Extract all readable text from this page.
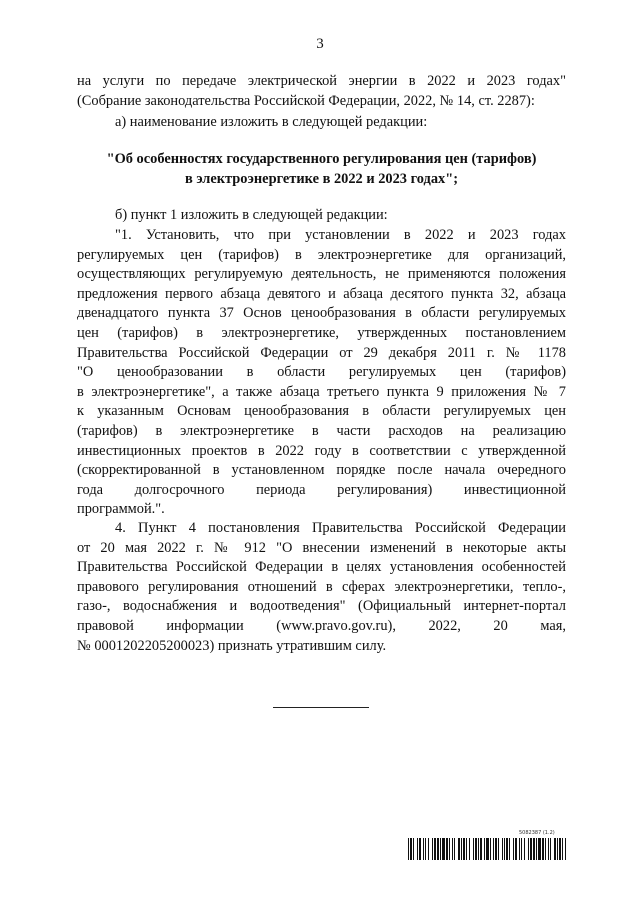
3
на услуги по передаче электрической энергии в 2022 и 2023 годах"
(Собрание законодательства Российской Федерации, 2022, № 14, ст. 2287):
а) наименование изложить в следующей редакции:
"Об особенностях государственного регулирования цен (тарифов)
в электроэнергетике в 2022 и 2023 годах";
б) пункт 1 изложить в следующей редакции:
"1. Установить, что при установлении в 2022 и 2023 годах
регулируемых цен (тарифов) в электроэнергетике для организаций,
осуществляющих регулируемую деятельность, не применяются положения
предложения первого абзаца девятого и абзаца десятого пункта 32, абзаца
двенадцатого пункта 37 Основ ценообразования в области регулируемых
цен (тарифов) в электроэнергетике, утвержденных постановлением
Правительства Российской Федерации от 29 декабря 2011 г. № 1178
"О ценообразовании в области регулируемых цен (тарифов)
в электроэнергетике", а также абзаца третьего пункта 9 приложения № 7
к указанным Основам ценообразования в области регулируемых цен
(тарифов) в электроэнергетике в части расходов на реализацию
инвестиционных проектов в 2022 году в соответствии с утвержденной
(скорректированной в установленном порядке после начала очередного
года долгосрочного периода регулирования) инвестиционной
программой.".
4. Пункт 4 постановления Правительства Российской Федерации
от 20 мая 2022 г. № 912 "О внесении изменений в некоторые акты
Правительства Российской Федерации в целях установления особенностей
правового регулирования отношений в сферах электроэнергетики, тепло-,
газо-, водоснабжения и водоотведения" (Официальный интернет-портал
правовой информации (www.pravo.gov.ru), 2022, 20 мая,
№ 0001202205200023) признать утратившим силу.
5082387 (1.2)
